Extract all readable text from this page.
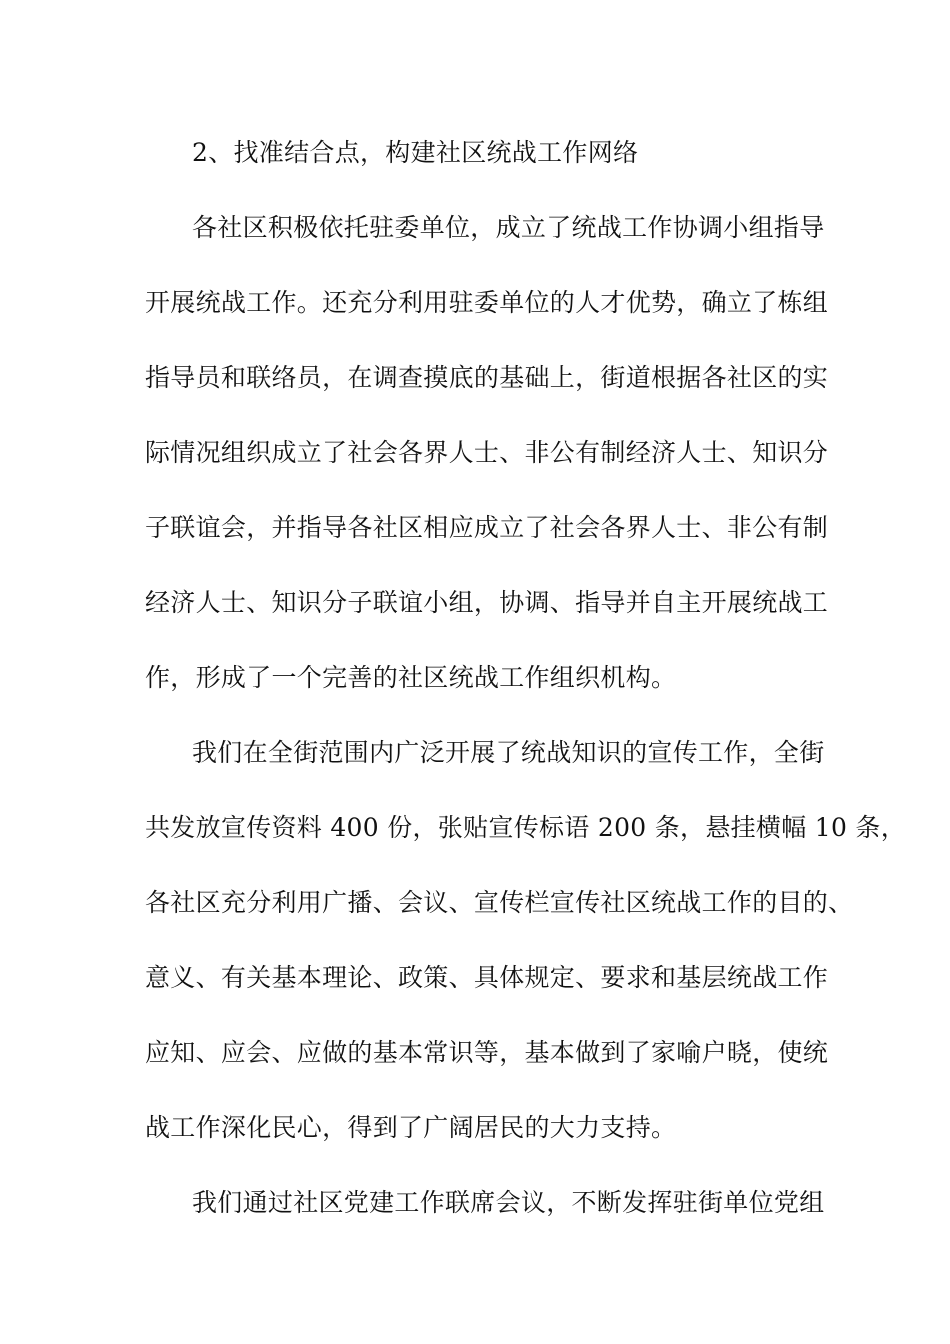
2、找准结合点，构建社区统战工作网络
各社区积极依托驻委单位，成立了统战工作协调小组指导
开展统战工作。还充分利用驻委单位的人才优势，确立了栋组
指导员和联络员，在调查摸底的基础上，街道根据各社区的实
际情况组织成立了社会各界人士、非公有制经济人士、知识分
子联谊会，并指导各社区相应成立了社会各界人士、非公有制
经济人士、知识分子联谊小组，协调、指导并自主开展统战工
作，形成了一个完善的社区统战工作组织机构。
我们在全街范围内广泛开展了统战知识的宣传工作，全街
共发放宣传资料 400 份，张贴宣传标语 200 条，悬挂横幅 10 条，
各社区充分利用广播、会议、宣传栏宣传社区统战工作的目的、
意义、有关基本理论、政策、具体规定、要求和基层统战工作
应知、应会、应做的基本常识等，基本做到了家喻户晓，使统
战工作深化民心，得到了广阔居民的大力支持。
我们通过社区党建工作联席会议，不断发挥驻街单位党组
